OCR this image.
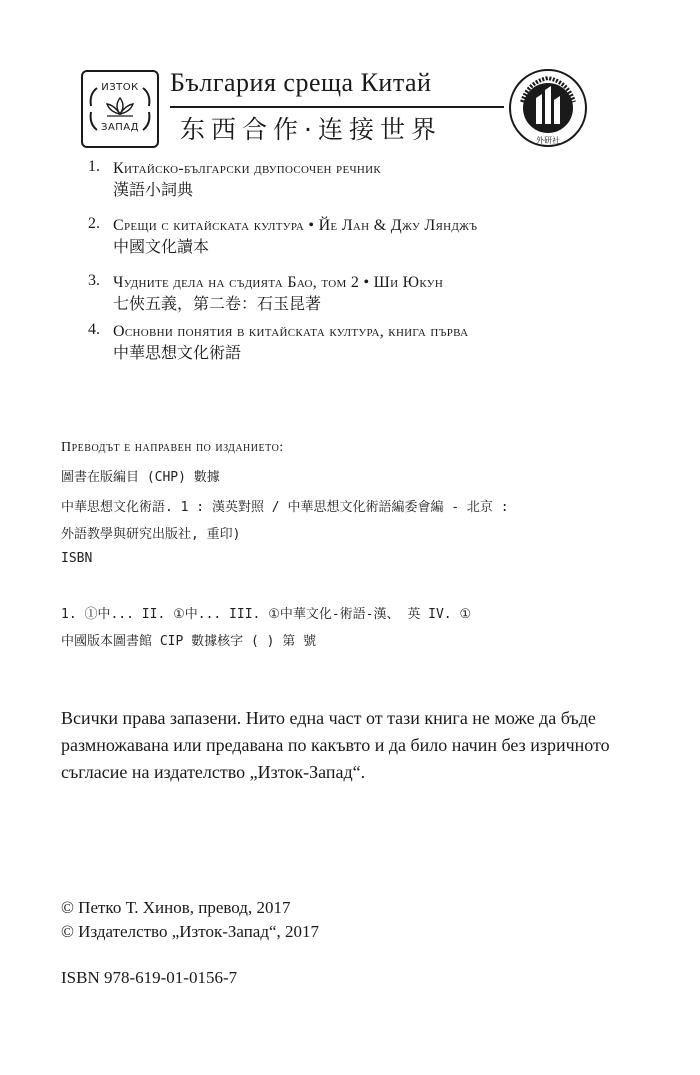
ИЗТОК
ЗАПАД
България среща Китай
东西合作·连接世界	外研社
1. Китайско-български двупосочен речник
漢語小詞典
2. Срещи с китайската култура • Йе Лан & Джу Лянджъ
中國文化讀本
3. Чудните дела на съдията Бао, том 2 • Ши Юкун
七俠五義，第二卷：石玉昆著
4. Основни понятия в китайската култура, книга първа
中華思想文化術語
Преводът е направен по изданието:
圖書在版編目 (CHP) 數據
中華思想文化術語. 1 : 漢英對照 / 中華思想文化術語編委會編 - 北京 :
外語教學與研究出版社, 重印)
ISBN
1. ①中... II. ①中... III. ①中華文化-術語-漢、 英 IV. ①
中國版本圖書館 CIP 數據核字 ( ) 第 號
Всички права запазени. Нито една част от тази книга не може да бъде размножавана или предавана по какъвто и да било начин без изричното съгласие на издателство „Изток-Запад“.
© Петко Т. Хинов, превод, 2017
© Издателство „Изток-Запад“, 2017
ISBN 978-619-01-0156-7
